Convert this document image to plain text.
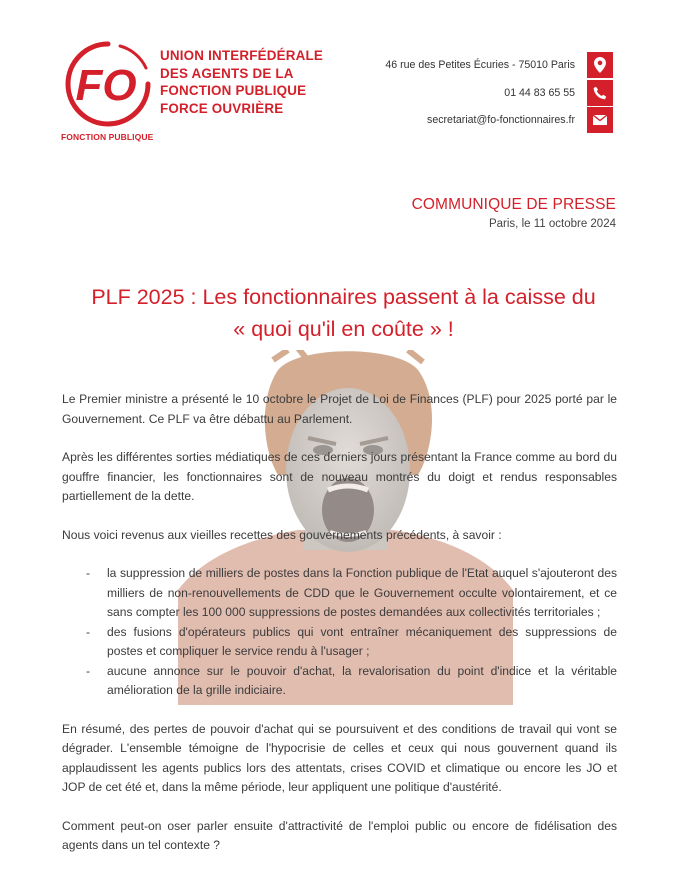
FO
FONCTION PUBLIQUE
UNION INTERFÉDÉRALE
DES AGENTS DE LA
FONCTION PUBLIQUE
FORCE OUVRIÈRE
46 rue des Petites Écuries - 75010 Paris
01 44 83 65 55
secretariat@fo-fonctionnaires.fr
COMMUNIQUE DE PRESSE
Paris, le 11 octobre 2024
PLF 2025 : Les fonctionnaires passent à la caisse du
« quoi qu'il en coûte » !

Le Premier ministre a présenté le 10 octobre le Projet de Loi de Finances (PLF) pour 2025 porté par le Gouvernement. Ce PLF va être débattu au Parlement.

Après les différentes sorties médiatiques de ces derniers jours présentant la France comme au bord du gouffre financier, les fonctionnaires sont de nouveau montrés du doigt et rendus responsables partiellement de la dette.

Nous voici revenus aux vieilles recettes des gouvernements précédents, à savoir :

- la suppression de milliers de postes dans la Fonction publique de l'Etat auquel s'ajouteront des milliers de non-renouvellements de CDD que le Gouvernement occulte volontairement, et ce sans compter les 100 000 suppressions de postes demandées aux collectivités territoriales ;
- des fusions d'opérateurs publics qui vont entraîner mécaniquement des suppressions de postes et compliquer le service rendu à l'usager ;
- aucune annonce sur le pouvoir d'achat, la revalorisation du point d'indice et la véritable amélioration de la grille indiciaire.

En résumé, des pertes de pouvoir d'achat qui se poursuivent et des conditions de travail qui vont se dégrader. L'ensemble témoigne de l'hypocrisie de celles et ceux qui nous gouvernent quand ils applaudissent les agents publics lors des attentats, crises COVID et climatique ou encore les JO et JOP de cet été et, dans la même période, leur appliquent une politique d'austérité.

Comment peut-on oser parler ensuite d'attractivité de l'emploi public ou encore de fidélisation des agents dans un tel contexte ?
